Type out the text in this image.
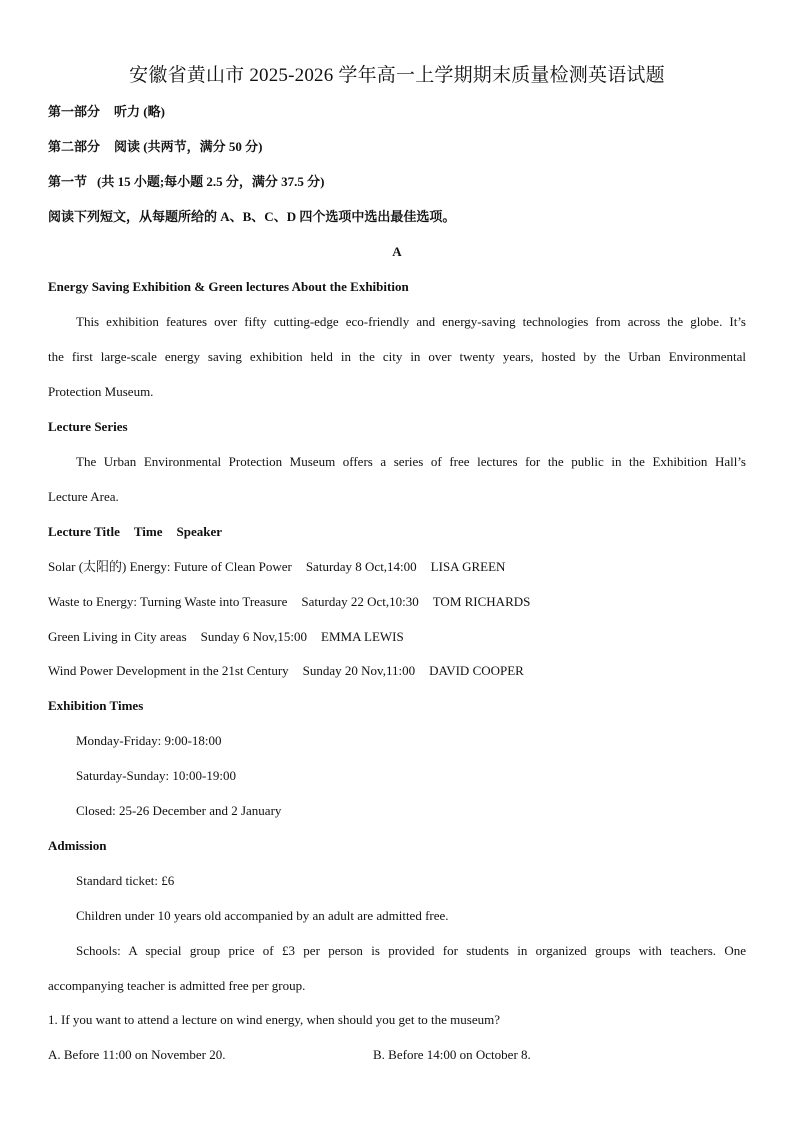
安徽省黄山市 2025-2026 学年高一上学期期末质量检测英语试题
第一部分 听力 (略)
第二部分 阅读 (共两节，满分 50 分)
第一节 (共 15 小题;每小题 2.5 分，满分 37.5 分)
阅读下列短文，从每题所给的 A、B、C、D 四个选项中选出最佳选项。
A
Energy Saving Exhibition & Green lectures About the Exhibition
This exhibition features over fifty cutting-edge eco-friendly and energy-saving technologies from across the globe. It’s
the first large-scale energy saving exhibition held in the city in over twenty years, hosted by the Urban Environmental
Protection Museum.
Lecture Series
The Urban Environmental Protection Museum offers a series of free lectures for the public in the Exhibition Hall’s
Lecture Area.
Lecture Title Time Speaker
Solar (太阳的) Energy: Future of Clean Power Saturday 8 Oct,14:00 LISA GREEN
Waste to Energy: Turning Waste into Treasure Saturday 22 Oct,10:30 TOM RICHARDS
Green Living in City areas Sunday 6 Nov,15:00 EMMA LEWIS
Wind Power Development in the 21st Century Sunday 20 Nov,11:00 DAVID COOPER
Exhibition Times
Monday-Friday: 9:00-18:00
Saturday-Sunday: 10:00-19:00
Closed: 25-26 December and 2 January
Admission
Standard ticket: £6
Children under 10 years old accompanied by an adult are admitted free.
Schools: A special group price of £3 per person is provided for students in organized groups with teachers. One
accompanying teacher is admitted free per group.
1. If you want to attend a lecture on wind energy, when should you get to the museum?
A. Before 11:00 on November 20.	B. Before 14:00 on October 8.
